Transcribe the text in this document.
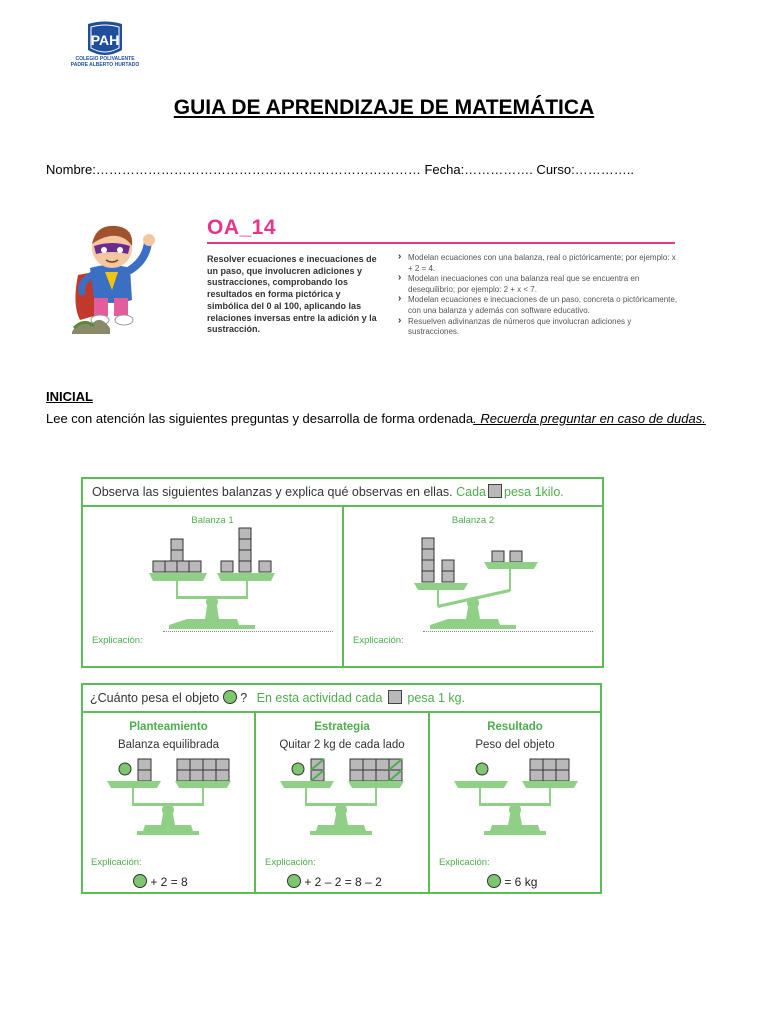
PAH
COLEGIO POLIVALENTE
PADRE ALBERTO HURTADO
GUIA DE APRENDIZAJE DE MATEMÁTICA
Nombre:………………………………………………………………… Fecha:……………. Curso:…………..
OA_14
Resolver ecuaciones e inecuaciones de un paso, que involucren adiciones y sustracciones, comprobando los resultados en forma pictórica y simbólica del 0 al 100, aplicando las relaciones inversas entre la adición y la sustracción.
› Modelan ecuaciones con una balanza, real o pictóricamente; por ejemplo: x + 2 = 4.
› Modelan inecuaciones con una balanza real que se encuentra en desequilibrio; por ejemplo: 2 + x < 7.
› Modelan ecuaciones e inecuaciones de un paso, concreta o pictóricamente, con una balanza y además con software educativo.
› Resuelven adivinanzas de números que involucran adiciones y sustracciones.
INICIAL
Lee con atención las siguientes preguntas y desarrolla de forma ordenada. Recuerda preguntar en caso de dudas.
Observa las siguientes balanzas y explica qué observas en ellas. Cada pesa 1kilo.
Balanza 1	Balanza 2
Explicación:	Explicación:
¿Cuánto pesa el objeto ? En esta actividad cada pesa 1 kg.
Planteamiento
Balanza equilibrada
Explicación:
+ 2 = 8
Estrategia
Quitar 2 kg de cada lado
Explicación:
+ 2 – 2 = 8 – 2
Resultado
Peso del objeto
Explicación:
= 6 kg
